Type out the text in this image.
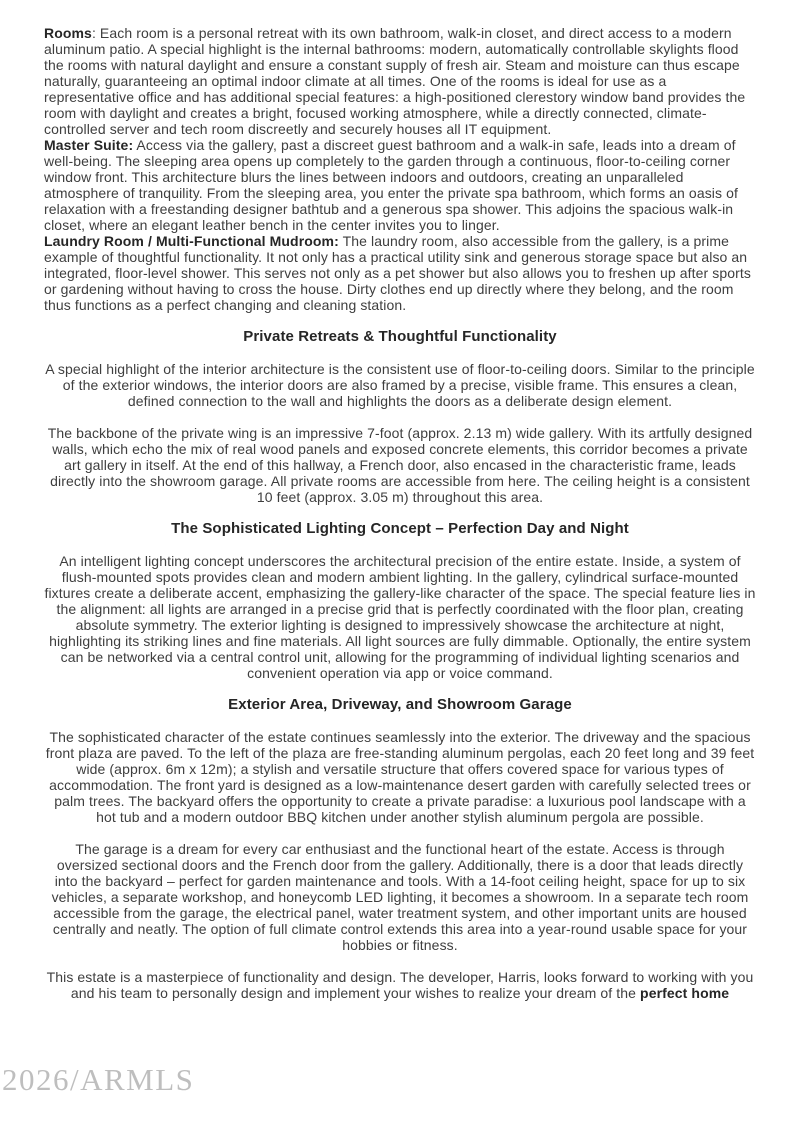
Rooms: Each room is a personal retreat with its own bathroom, walk-in closet, and direct access to a modern aluminum patio. A special highlight is the internal bathrooms: modern, automatically controllable skylights flood the rooms with natural daylight and ensure a constant supply of fresh air. Steam and moisture can thus escape naturally, guaranteeing an optimal indoor climate at all times. One of the rooms is ideal for use as a representative office and has additional special features: a high-positioned clerestory window band provides the room with daylight and creates a bright, focused working atmosphere, while a directly connected, climate-controlled server and tech room discreetly and securely houses all IT equipment.

Master Suite: Access via the gallery, past a discreet guest bathroom and a walk-in safe, leads into a dream of well-being. The sleeping area opens up completely to the garden through a continuous, floor-to-ceiling corner window front. This architecture blurs the lines between indoors and outdoors, creating an unparalleled atmosphere of tranquility. From the sleeping area, you enter the private spa bathroom, which forms an oasis of relaxation with a freestanding designer bathtub and a generous spa shower. This adjoins the spacious walk-in closet, where an elegant leather bench in the center invites you to linger.

Laundry Room / Multi-Functional Mudroom: The laundry room, also accessible from the gallery, is a prime example of thoughtful functionality. It not only has a practical utility sink and generous storage space but also an integrated, floor-level shower. This serves not only as a pet shower but also allows you to freshen up after sports or gardening without having to cross the house. Dirty clothes end up directly where they belong, and the room thus functions as a perfect changing and cleaning station.

Private Retreats & Thoughtful Functionality

A special highlight of the interior architecture is the consistent use of floor-to-ceiling doors. Similar to the principle of the exterior windows, the interior doors are also framed by a precise, visible frame. This ensures a clean, defined connection to the wall and highlights the doors as a deliberate design element.

The backbone of the private wing is an impressive 7-foot (approx. 2.13 m) wide gallery. With its artfully designed walls, which echo the mix of real wood panels and exposed concrete elements, this corridor becomes a private art gallery in itself. At the end of this hallway, a French door, also encased in the characteristic frame, leads directly into the showroom garage. All private rooms are accessible from here. The ceiling height is a consistent 10 feet (approx. 3.05 m) throughout this area.

The Sophisticated Lighting Concept – Perfection Day and Night

An intelligent lighting concept underscores the architectural precision of the entire estate. Inside, a system of flush-mounted spots provides clean and modern ambient lighting. In the gallery, cylindrical surface-mounted fixtures create a deliberate accent, emphasizing the gallery-like character of the space. The special feature lies in the alignment: all lights are arranged in a precise grid that is perfectly coordinated with the floor plan, creating absolute symmetry. The exterior lighting is designed to impressively showcase the architecture at night, highlighting its striking lines and fine materials. All light sources are fully dimmable. Optionally, the entire system can be networked via a central control unit, allowing for the programming of individual lighting scenarios and convenient operation via app or voice command.

Exterior Area, Driveway, and Showroom Garage

The sophisticated character of the estate continues seamlessly into the exterior. The driveway and the spacious front plaza are paved. To the left of the plaza are free-standing aluminum pergolas, each 20 feet long and 39 feet wide (approx. 6m x 12m); a stylish and versatile structure that offers covered space for various types of accommodation. The front yard is designed as a low-maintenance desert garden with carefully selected trees or palm trees. The backyard offers the opportunity to create a private paradise: a luxurious pool landscape with a hot tub and a modern outdoor BBQ kitchen under another stylish aluminum pergola are possible.

The garage is a dream for every car enthusiast and the functional heart of the estate. Access is through oversized sectional doors and the French door from the gallery. Additionally, there is a door that leads directly into the backyard – perfect for garden maintenance and tools. With a 14-foot ceiling height, space for up to six vehicles, a separate workshop, and honeycomb LED lighting, it becomes a showroom. In a separate tech room accessible from the garage, the electrical panel, water treatment system, and other important units are housed centrally and neatly. The option of full climate control extends this area into a year-round usable space for your hobbies or fitness.

This estate is a masterpiece of functionality and design. The developer, Harris, looks forward to working with you and his team to personally design and implement your wishes to realize your dream of the perfect home

2026/ARMLS
